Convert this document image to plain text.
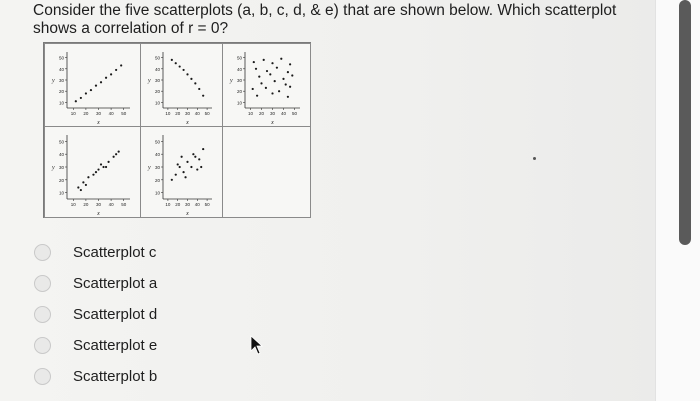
Consider the five scatterplots (a, b, c, d, & e) that are shown below. Which scatterplot
shows a correlation of r = 0?
50
40
30
20
10
10 20 30 40 50
y
x
50
40
30
20
10
10 20 30 40 50
y
x
50
40
30
20
10
10 20 30 40 50
y
x
50
40
30
20
10
10 20 30 40 50
y
x
50
40
30
20
10
10 20 30 40 50
y
x
Scatterplot c
Scatterplot a
Scatterplot d
Scatterplot e
Scatterplot b
